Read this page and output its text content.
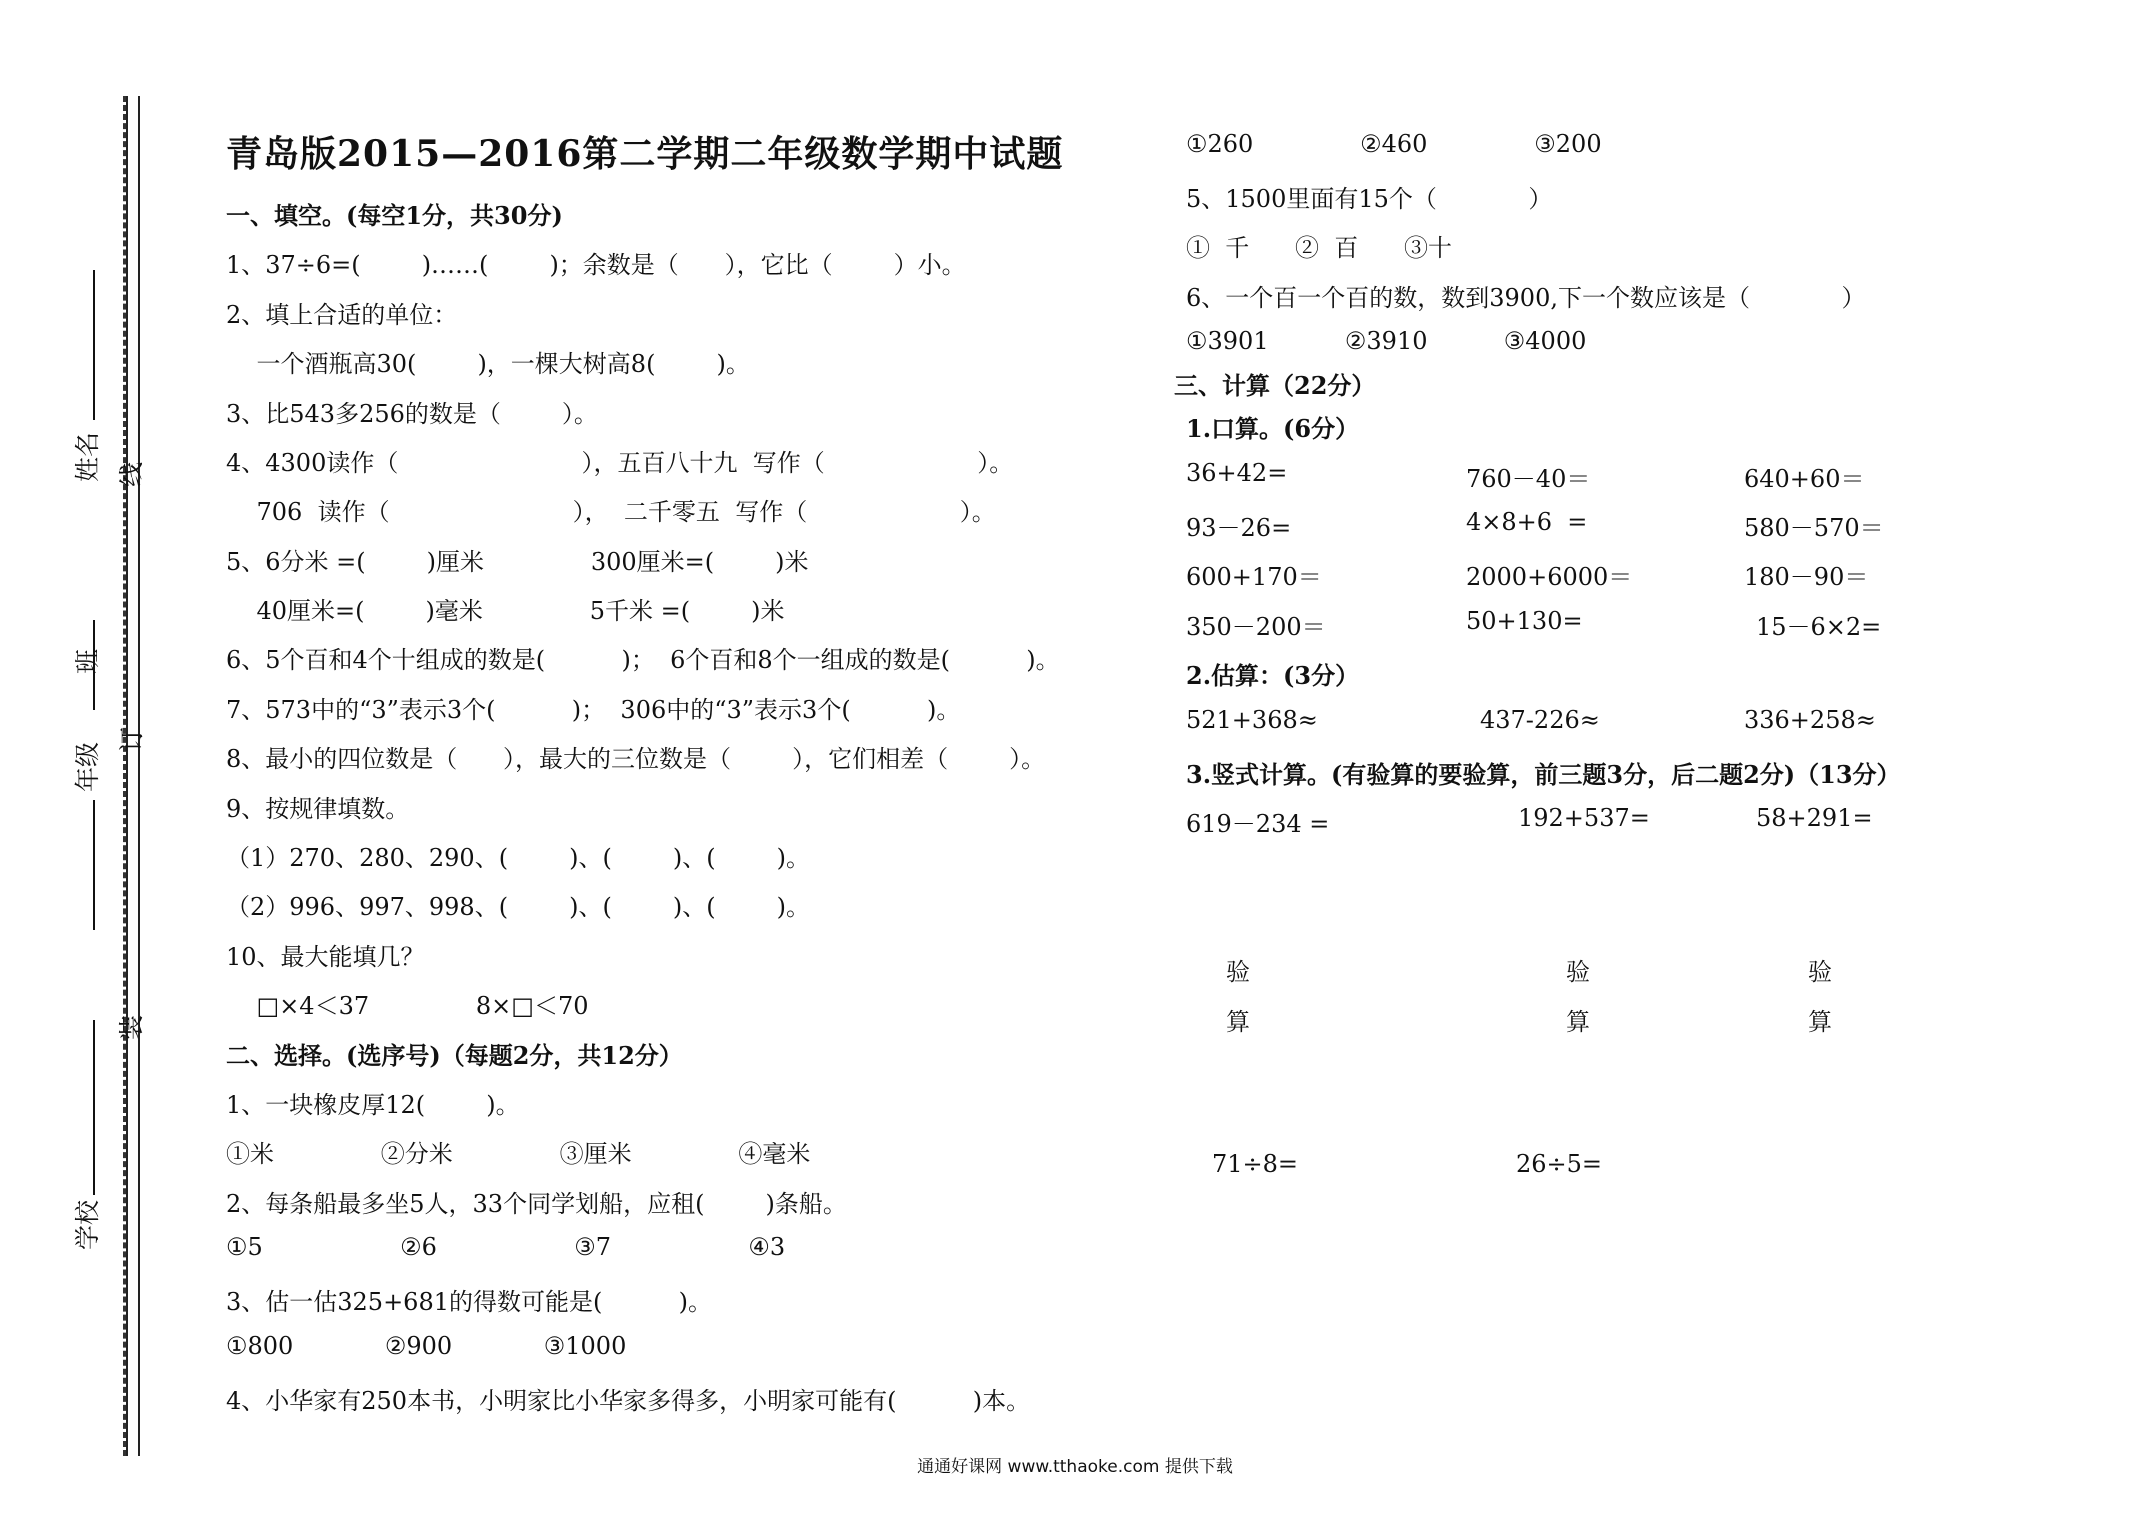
姓名 线
班
年级
订
装
学校
青岛版2015—2016第二学期二年级数学期中试题
一、填空。(每空1分，共30分)
1、37÷6=(        )……(        )；余数是（      ），它比（        ）小。
2、填上合适的单位：
一个酒瓶高30(        )，一棵大树高8(        )。
3、比543多256的数是（        ）。
4、4300读作（                        ），五百八十九  写作（                    ）。
706  读作（                        ），  二千零五  写作（                    ）。
5、6分米 =(        )厘米              300厘米=(        )米
40厘米=(        )毫米              5千米 =(        )米
6、5个百和4个十组成的数是(          )；  6个百和8个一组成的数是(          )。
7、573中的“3”表示3个(          )；  306中的“3”表示3个(          )。
8、最小的四位数是（      ），最大的三位数是（        ），它们相差（        ）。
9、按规律填数。
（1）270、280、290、(        )、(        )、(        )。
（2）996、997、998、(        )、(        )、(        )。
10、最大能填几？
□×4＜37              8×□＜70
二、选择。(选序号)（每题2分，共12分）
1、一块橡皮厚12(        )。
①米              ②分米              ③厘米              ④毫米
2、每条船最多坐5人，33个同学划船，应租(        )条船。
①5                  ②6                  ③7                  ④3
3、估一估325+681的得数可能是(          )。
①800            ②900            ③1000
4、小华家有250本书，小明家比小华家多得多，小明家可能有(          )本。
①260              ②460              ③200
5、1500里面有15个（            ）
①  千      ②  百      ③十
6、一个百一个百的数，数到3900,下一个数应该是（            ）
①3901          ②3910          ③4000
三、计算（22分）
1.口算。(6分）
36+42=	760－40＝	640+60＝
93－26=	4×8+6  =	580－570＝
600+170＝	2000+6000＝	180－90＝
350－200＝	50+130=	15－6×2=
2.估算：(3分）
521+368≈	437-226≈	336+258≈
3.竖式计算。(有验算的要验算，前三题3分，后二题2分)（13分）
619－234 =	192+537=	58+291=
验
算
验
算
验
算
71÷8=	26÷5=
通通好课网 www.tthaoke.com 提供下载
